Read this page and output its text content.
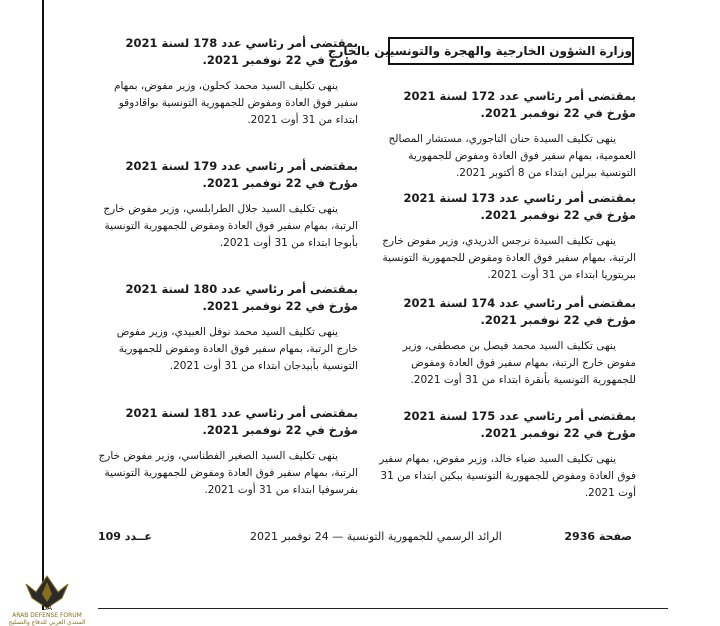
وزارة الشؤون الخارجية والهجرة والتونسيين بالخارج
بمقتضى أمر رئاسي عدد 172 لسنة 2021 مؤرخ في 22 نوفمبر 2021.
ينهى تكليف السيدة حنان التاجوري، مستشار المصالح العمومية، بمهام سفير فوق العادة ومفوض للجمهورية التونسية ببرلين ابتداء من 8 أكتوبر 2021.
بمقتضى أمر رئاسي عدد 173 لسنة 2021 مؤرخ في 22 نوفمبر 2021.
ينهى تكليف السيدة نرجس الدريدي، وزير مفوض خارج الرتبة، بمهام سفير فوق العادة ومفوض للجمهورية التونسية ببريتوريا ابتداء من 31 أوت 2021.
بمقتضى أمر رئاسي عدد 174 لسنة 2021 مؤرخ في 22 نوفمبر 2021.
ينهى تكليف السيد محمد فيصل بن مصطفى، وزير مفوض خارج الرتبة، بمهام سفير فوق العادة ومفوض للجمهورية التونسية بأنقرة ابتداء من 31 أوت 2021.
بمقتضى أمر رئاسي عدد 175 لسنة 2021 مؤرخ في 22 نوفمبر 2021.
ينهى تكليف السيد ضياء خالد، وزير مفوض، بمهام سفير فوق العادة ومفوض للجمهورية التونسية ببكين ابتداء من 31 أوت 2021.
بمقتضى أمر رئاسي عدد 178 لسنة 2021 مؤرخ في 22 نوفمبر 2021.
ينهى تكليف السيد محمد كحلون، وزير مفوض، بمهام سفير فوق العادة ومفوض للجمهورية التونسية بواقادوقو ابتداء من 31 أوت 2021.
بمقتضى أمر رئاسي عدد 179 لسنة 2021 مؤرخ في 22 نوفمبر 2021.
ينهى تكليف السيد جلال الطرابلسي، وزير مفوض خارج الرتبة، بمهام سفير فوق العادة ومفوض للجمهورية التونسية بأبوجا ابتداء من 31 أوت 2021.
بمقتضى أمر رئاسي عدد 180 لسنة 2021 مؤرخ في 22 نوفمبر 2021.
ينهى تكليف السيد محمد نوفل العبيدي، وزير مفوض خارج الرتبة، بمهام سفير فوق العادة ومفوض للجمهورية التونسية بأبيدجان ابتداء من 31 أوت 2021.
بمقتضى أمر رئاسي عدد 181 لسنة 2021 مؤرخ في 22 نوفمبر 2021.
ينهى تكليف السيد الصغير الفطناسي، وزير مفوض خارج الرتبة، بمهام سفير فوق العادة ومفوض للجمهورية التونسية بفرسوفيا ابتداء من 31 أوت 2021.
صفحة 2936
الرائد الرسمي للجمهورية التونسية — 24 نوفمبر 2021
عــدد 109
DA
ARAB DEFENSE FORUM
المنتدى العربي للدفاع والتسليح
